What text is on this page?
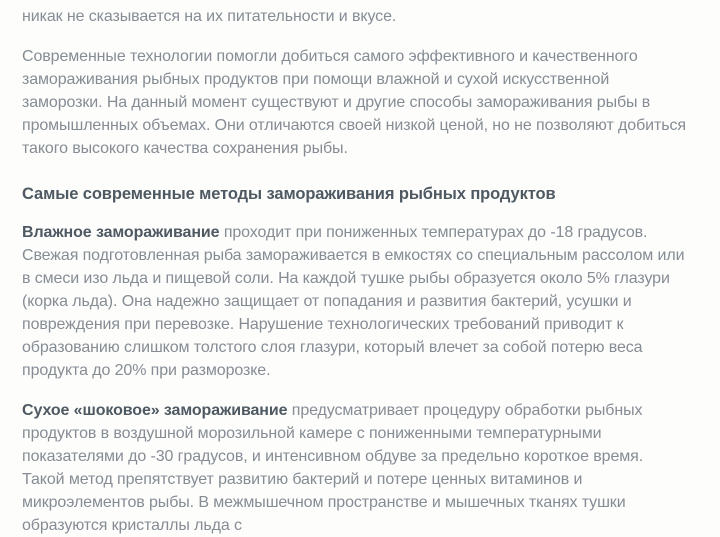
никак не сказывается на их питательности и вкусе.

Современные технологии помогли добиться самого эффективного и качественного замораживания рыбных продуктов при помощи влажной и сухой искусственной заморозки. На данный момент существуют и другие способы замораживания рыбы в промышленных объемах. Они отличаются своей низкой ценой, но не позволяют добиться такого высокого качества сохранения рыбы.

Самые современные методы замораживания рыбных продуктов

Влажное замораживание проходит при пониженных температурах до -18 градусов. Свежая подготовленная рыба замораживается в емкостях со специальным рассолом или в смеси изо льда и пищевой соли. На каждой тушке рыбы образуется около 5% глазури (корка льда). Она надежно защищает от попадания и развития бактерий, усушки и повреждения при перевозке. Нарушение технологических требований приводит к образованию слишком толстого слоя глазури, который влечет за собой потерю веса продукта до 20% при разморозке.

Сухое «шоковое» замораживание предусматривает процедуру обработки рыбных продуктов в воздушной морозильной камере с пониженными температурными показателями до -30 градусов, и интенсивном обдуве за предельно короткое время. Такой метод препятствует развитию бактерий и потере ценных витаминов и микроэлементов рыбы. В межмышечном пространстве и мышечных тканях тушки образуются кристаллы льда с
